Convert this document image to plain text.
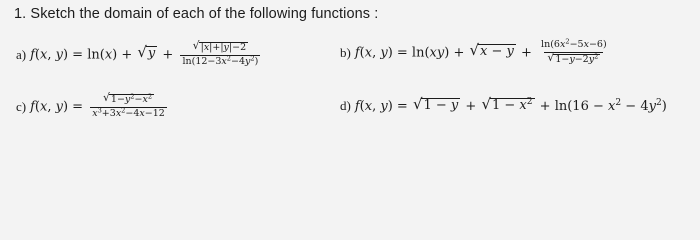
1. Sketch the domain of each of the following functions :
a) f(x, y) = ln(x) + √ $y + \frac{√ |x|+|y|-2}{\ln(12-3x^2-4y^2)}$	b) f(x, y) = ln(xy) + √ $x - y + \frac{\ln(6x^2-5x-6)}{√ 1-y-2y^2}$
c) f(x, $y) = \frac{√ 1-y^2-x^2}{x^3+3x^2-4x-12}$	d) f(x, y) = √ 1 − y + √ $1 - x^2 + \ln(16 - x^2 - 4y^2)$
